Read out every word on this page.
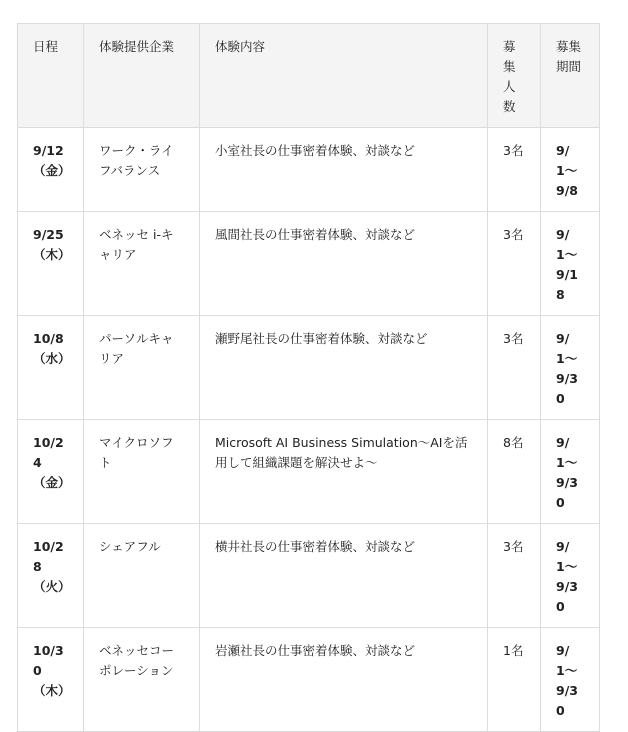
日程	体験提供企業	体験内容	募集人数	募集期間
9/12（金）	ワーク・ライフバランス	小室社長の仕事密着体験、対談など	3名	9/1〜9/8
9/25（木）	ベネッセ i-キャリア	風間社長の仕事密着体験、対談など	3名	9/1〜9/18
10/8（水）	パーソルキャリア	瀬野尾社長の仕事密着体験、対談など	3名	9/1〜9/30
10/24（金）	マイクロソフト	Microsoft AI Business Simulation〜AIを活用して組織課題を解決せよ〜	8名	9/1〜9/30
10/28（火）	シェアフル	横井社長の仕事密着体験、対談など	3名	9/1〜9/30
10/30（木）	ベネッセコーポレーション	岩瀬社長の仕事密着体験、対談など	1名	9/1〜9/30
